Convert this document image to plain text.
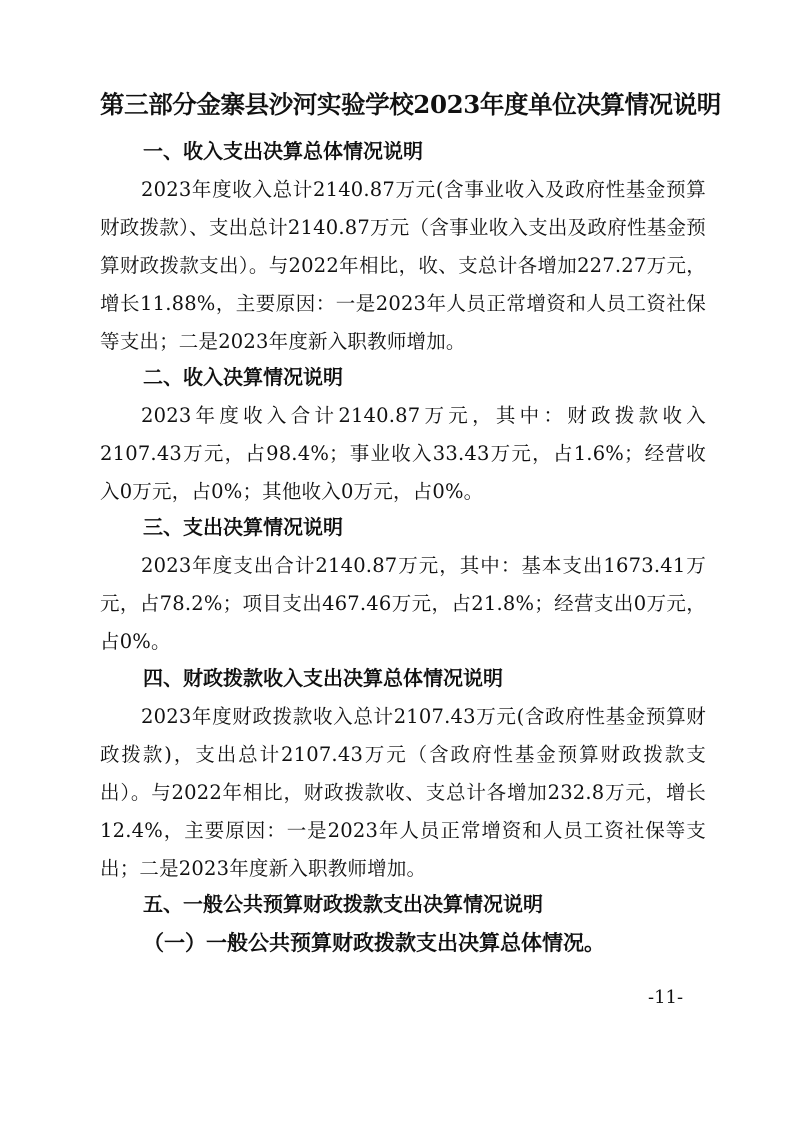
第三部分金寨县沙河实验学校2023年度单位决算情况说明
一、收入支出决算总体情况说明

2023年度收入总计2140.87万元(含事业收入及政府性基金预算财政拨款）、支出总计2140.87万元（含事业收入支出及政府性基金预算财政拨款支出）。与2022年相比，收、支总计各增加227.27万元，增长11.88%，主要原因：一是2023年人员正常增资和人员工资社保等支出；二是2023年度新入职教师增加。

二、收入决算情况说明

2023年度收入合计2140.87万元，其中：财政拨款收入2107.43万元，占98.4%；事业收入33.43万元，占1.6%；经营收入0万元，占0%；其他收入0万元，占0%。

三、支出决算情况说明

2023年度支出合计2140.87万元，其中：基本支出1673.41万元，占78.2%；项目支出467.46万元，占21.8%；经营支出0万元，占0%。

四、财政拨款收入支出决算总体情况说明

2023年度财政拨款收入总计2107.43万元(含政府性基金预算财政拨款)，支出总计2107.43万元（含政府性基金预算财政拨款支出）。与2022年相比，财政拨款收、支总计各增加232.8万元，增长12.4%，主要原因：一是2023年人员正常增资和人员工资社保等支出；二是2023年度新入职教师增加。

五、一般公共预算财政拨款支出决算情况说明
（一）一般公共预算财政拨款支出决算总体情况。
-11-
